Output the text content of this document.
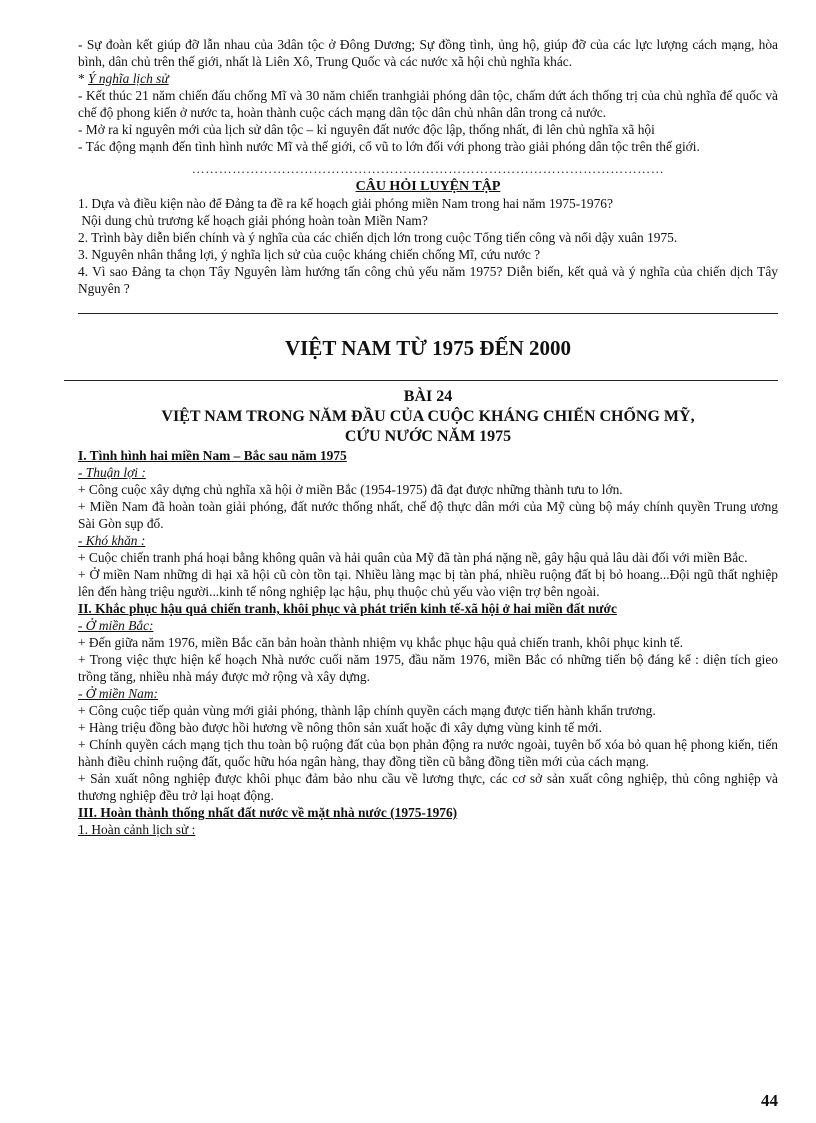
- Sự đoàn kết giúp đỡ lẫn nhau của 3dân tộc ở Đông Dương; Sự đồng tình, ủng hộ, giúp đỡ của các lực lượng cách mạng, hòa bình, dân chủ trên thế giới, nhất là Liên Xô, Trung Quốc và các nước xã hội chủ nghĩa khác.

* Ý nghĩa lịch sử

- Kết thúc 21 năm chiến đấu chống Mĩ và 30 năm chiến tranhgiải phóng dân tộc, chấm dứt ách thống trị của chủ nghĩa đế quốc và chế độ phong kiến ở nước ta, hoàn thành cuộc cách mạng dân tộc dân chủ nhân dân trong cả nước.

- Mở ra kỉ nguyên mới của lịch sử dân tộc – kỉ nguyên đất nước độc lập, thống nhất, đi lên chủ nghĩa xã hội

- Tác động mạnh đến tình hình nước Mĩ và thế giới, cổ vũ to lớn đối với phong trào giải phóng dân tộc trên thế giới.

……………………………………………………………………………………………

CÂU HỎI LUYỆN TẬP

1. Dựa và điều kiện nào để Đảng ta đề ra kế hoạch giải phóng miền Nam trong hai năm 1975-1976?

Nội dung chủ trương kế hoạch giải phóng hoàn toàn Miền Nam?

2. Trình bày diễn biến chính và ý nghĩa của các chiến dịch lớn trong cuộc Tổng tiến công và nổi dậy xuân 1975.

3. Nguyên nhân thắng lợi, ý nghĩa lịch sử của cuộc kháng chiến chống Mĩ, cứu nước ?

4. Vì sao Đảng ta chọn Tây Nguyên làm hướng tấn công chủ yếu năm 1975? Diễn biến, kết quả và ý nghĩa của chiến dịch Tây Nguyên ?

VIỆT NAM TỪ 1975 ĐẾN 2000
BÀI 24
VIỆT NAM TRONG NĂM ĐẦU CỦA CUỘC KHÁNG CHIẾN CHỐNG MỸ,
CỨU NƯỚC NĂM 1975

I. Tình hình hai miền Nam – Bắc sau năm 1975

- Thuận lợi :

+ Công cuộc xây dựng chủ nghĩa xã hội ở miền Bắc (1954-1975) đã đạt được những thành tưu to lớn.

+ Miền Nam đã hoàn toàn giải phóng, đất nước thống nhất, chế độ thực dân mới của Mỹ cùng bộ máy chính quyền Trung ương Sài Gòn sụp đổ.

- Khó khăn :

+ Cuộc chiến tranh phá hoại bằng không quân và hải quân của Mỹ đã tàn phá nặng nề, gây hậu quả lâu dài đối với miền Bắc.

+ Ở miền Nam những di hại xã hội cũ còn tồn tại. Nhiều làng mạc bị tàn phá, nhiều ruộng đất bị bỏ hoang...Đội ngũ thất nghiệp lên đến hàng triệu người...kinh tế nông nghiệp lạc hậu, phụ thuộc chủ yếu vào viện trợ bên ngoài.

II. Khắc phục hậu quả chiến tranh, khôi phục và phát triển kinh tế-xã hội ở hai miền đất nước

- Ở miền Bắc:

+ Đến giữa năm 1976, miền Bắc căn bản hoàn thành nhiệm vụ khắc phục hậu quả chiến tranh, khôi phục kinh tế.

+ Trong việc thực hiện kế hoạch Nhà nước cuối năm 1975, đầu năm 1976, miền Bắc có những tiến bộ đáng kể : diện tích gieo trồng tăng, nhiều nhà máy được mở rộng và xây dựng.

- Ở miền Nam:

+ Công cuộc tiếp quản vùng mới giải phóng, thành lập chính quyền cách mạng được tiến hành khẩn trương.

+ Hàng triệu đồng bào được hồi hương về nông thôn sản xuất hoặc đi xây dựng vùng kinh tế mới.

+ Chính quyền cách mạng tịch thu toàn bộ ruộng đất của bọn phản động ra nước ngoài, tuyên bố xóa bỏ quan hệ phong kiến, tiến hành điều chỉnh ruộng đất, quốc hữu hóa ngân hàng, thay đồng tiền cũ bằng đồng tiền mới của cách mạng.

+ Sản xuất nông nghiệp được khôi phục đảm bảo nhu cầu về lương thực, các cơ sở sản xuất công nghiệp, thủ công nghiệp và thương nghiệp đều trở lại hoạt động.

III. Hoàn thành thống nhất đất nước về mặt nhà nước (1975-1976)

1. Hoàn cảnh lịch sử :

44
